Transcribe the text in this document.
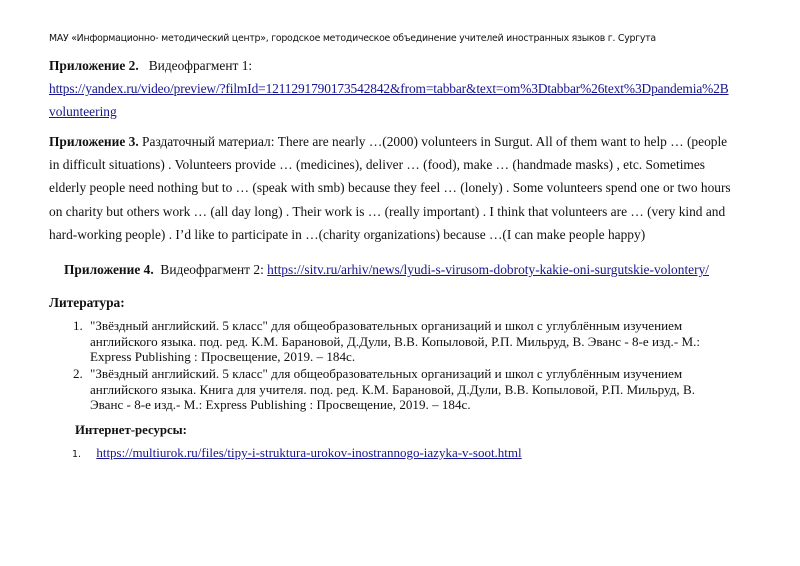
МАУ «Информационно- методический центр», городское методическое объединение учителей иностранных языков г. Сургута
Приложение 2. Видеофрагмент 1:
https://yandex.ru/video/preview/?filmId=1211291790173542842&from=tabbar&text=om%3Dtabbar%26text%3Dpandemia%2B
volunteering
Приложение 3. Раздаточный материал: There are nearly …(2000) volunteers in Surgut. All of them want to help … (people
in difficult situations) . Volunteers provide … (medicines), deliver … (food), make … (handmade masks) , etc. Sometimes
elderly people need nothing but to … (speak with smb) because they feel … (lonely) . Some volunteers spend one or two hours
on charity but others work … (all day long) . Their work is … (really important) . I think that volunteers are … (very kind and
hard-working people) . I’d like to participate in …(charity organizations) because …(I can make people happy)
Приложение 4. Видеофрагмент 2: https://sitv.ru/arhiv/news/lyudi-s-virusom-dobroty-kakie-oni-surgutskie-volontery/
Литература:
1. "Звёздный английский. 5 класс" для общеобразовательных организаций и школ с углублённым изучением
английского языка. под. ред. К.М. Барановой, Д.Дули, В.В. Копыловой, Р.П. Мильруд, В. Эванс - 8-е изд.- М.:
Express Publishing : Просвещение, 2019. – 184с.
2. "Звёздный английский. 5 класс" для общеобразовательных организаций и школ с углублённым изучением
английского языка. Книга для учителя. под. ред. К.М. Барановой, Д.Дули, В.В. Копыловой, Р.П. Мильруд, В.
Эванс - 8-е изд.- М.: Express Publishing : Просвещение, 2019. – 184с.
Интернет-ресурсы:
1. https://multiurok.ru/files/tipy-i-struktura-urokov-inostrannogo-iazyka-v-soot.html
